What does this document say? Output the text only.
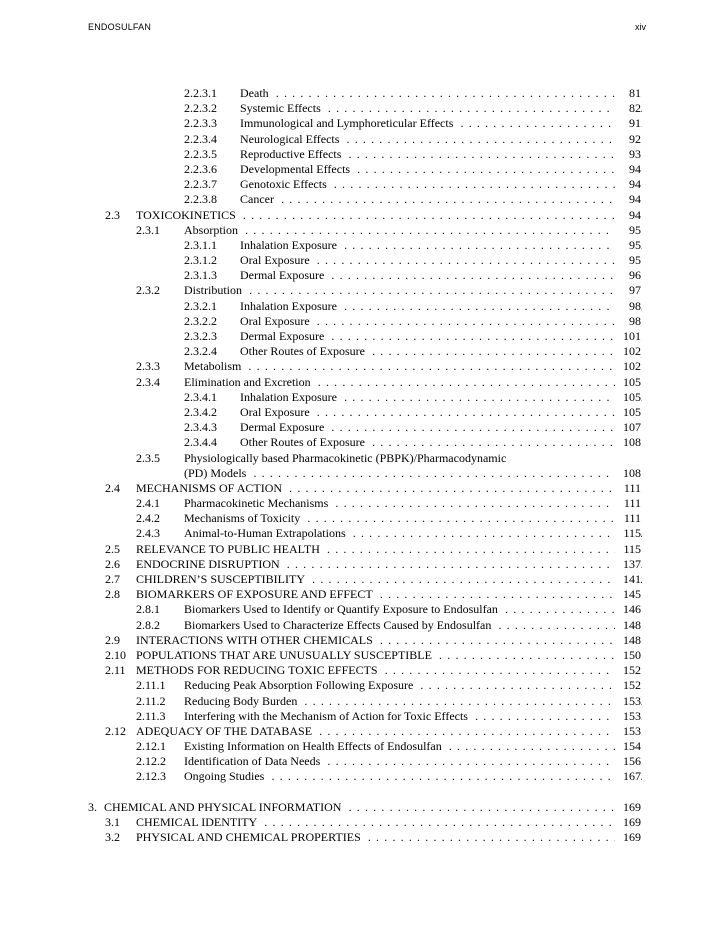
ENDOSULFAN	xiv
2.2.3.1 Death . . .	81
2.2.3.2 Systemic Effects . . .	82
2.2.3.3 Immunological and Lymphoreticular Effects . . .	91
2.2.3.4 Neurological Effects . . .	92
2.2.3.5 Reproductive Effects . . .	93
2.2.3.6 Developmental Effects . . .	94
2.2.3.7 Genotoxic Effects . . .	94
2.2.3.8 Cancer . . .	94
2.3 TOXICOKINETICS . . .	94
2.3.1 Absorption . . .	95
2.3.1.1 Inhalation Exposure . . .	95
2.3.1.2 Oral Exposure . . .	95
2.3.1.3 Dermal Exposure . . .	96
2.3.2 Distribution . . .	97
2.3.2.1 Inhalation Exposure . . .	98
2.3.2.2 Oral Exposure . . .	98
2.3.2.3 Dermal Exposure . . .	101
2.3.2.4 Other Routes of Exposure . . .	102
2.3.3 Metabolism . . .	102
2.3.4 Elimination and Excretion . . .	105
2.3.4.1 Inhalation Exposure . . .	105
2.3.4.2 Oral Exposure . . .	105
2.3.4.3 Dermal Exposure . . .	107
2.3.4.4 Other Routes of Exposure . . .	108
2.3.5 Physiologically based Pharmacokinetic (PBPK)/Pharmacodynamic
(PD) Models . . .	108
2.4 MECHANISMS OF ACTION . . .	111
2.4.1 Pharmacokinetic Mechanisms . . .	111
2.4.2 Mechanisms of Toxicity . . .	111
2.4.3 Animal-to-Human Extrapolations . . .	115
2.5 RELEVANCE TO PUBLIC HEALTH . . .	115
2.6 ENDOCRINE DISRUPTION . . .	137
2.7 CHILDREN’S SUSCEPTIBILITY . . .	141
2.8 BIOMARKERS OF EXPOSURE AND EFFECT . . .	145
2.8.1 Biomarkers Used to Identify or Quantify Exposure to Endosulfan . . .	146
2.8.2 Biomarkers Used to Characterize Effects Caused by Endosulfan . . .	148
2.9 INTERACTIONS WITH OTHER CHEMICALS . . .	148
2.10 POPULATIONS THAT ARE UNUSUALLY SUSCEPTIBLE . . .	150
2.11 METHODS FOR REDUCING TOXIC EFFECTS . . .	152
2.11.1 Reducing Peak Absorption Following Exposure . . .	152
2.11.2 Reducing Body Burden . . .	153
2.11.3 Interfering with the Mechanism of Action for Toxic Effects . . .	153
2.12 ADEQUACY OF THE DATABASE . . .	153
2.12.1 Existing Information on Health Effects of Endosulfan . . .	154
2.12.2 Identification of Data Needs . . .	156
2.12.3 Ongoing Studies . . .	167
3. CHEMICAL AND PHYSICAL INFORMATION . . .	169
3.1 CHEMICAL IDENTITY . . .	169
3.2 PHYSICAL AND CHEMICAL PROPERTIES . . .	169
